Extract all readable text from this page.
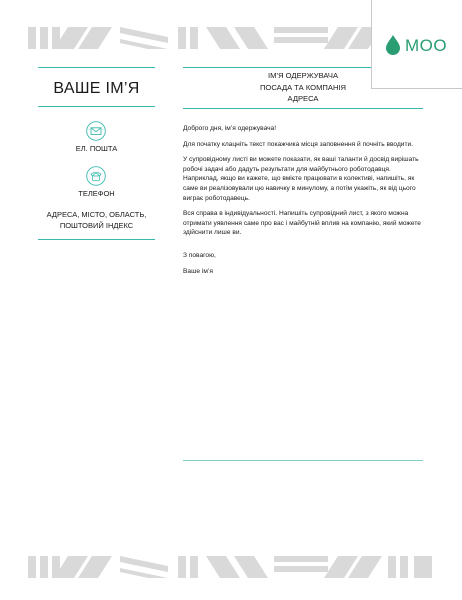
MOO
ВАШЕ ІМ’Я
ЕЛ. ПОШТА
ТЕЛЕФОН
АДРЕСА, МІСТО, ОБЛАСТЬ,
ПОШТОВИЙ ІНДЕКС
ІМ’Я ОДЕРЖУВАЧА
ПОСАДА ТА КОМПАНІЯ
АДРЕСА

Доброго дня, ім’я одержувача!

Для початку клацніть текст покажчика місця заповнення й почніть вводити.

У супровідному листі ви можете показати, як ваші таланти й досвід вирішать робочі задачі або дадуть результати для майбутнього роботодавця. Наприклад, якщо ви кажете, що вмієте працювати в колективі, напишіть, як саме ви реалізовували цю навичку в минулому, а потім укажіть, як від цього виграє роботодавець.

Вся справа в індивідуальності. Напишіть супровідний лист, з якого можна отримати уявлення саме про вас і майбутній вплив на компанію, який можете здійснити лише ви.

З повагою,

Ваше ім’я
